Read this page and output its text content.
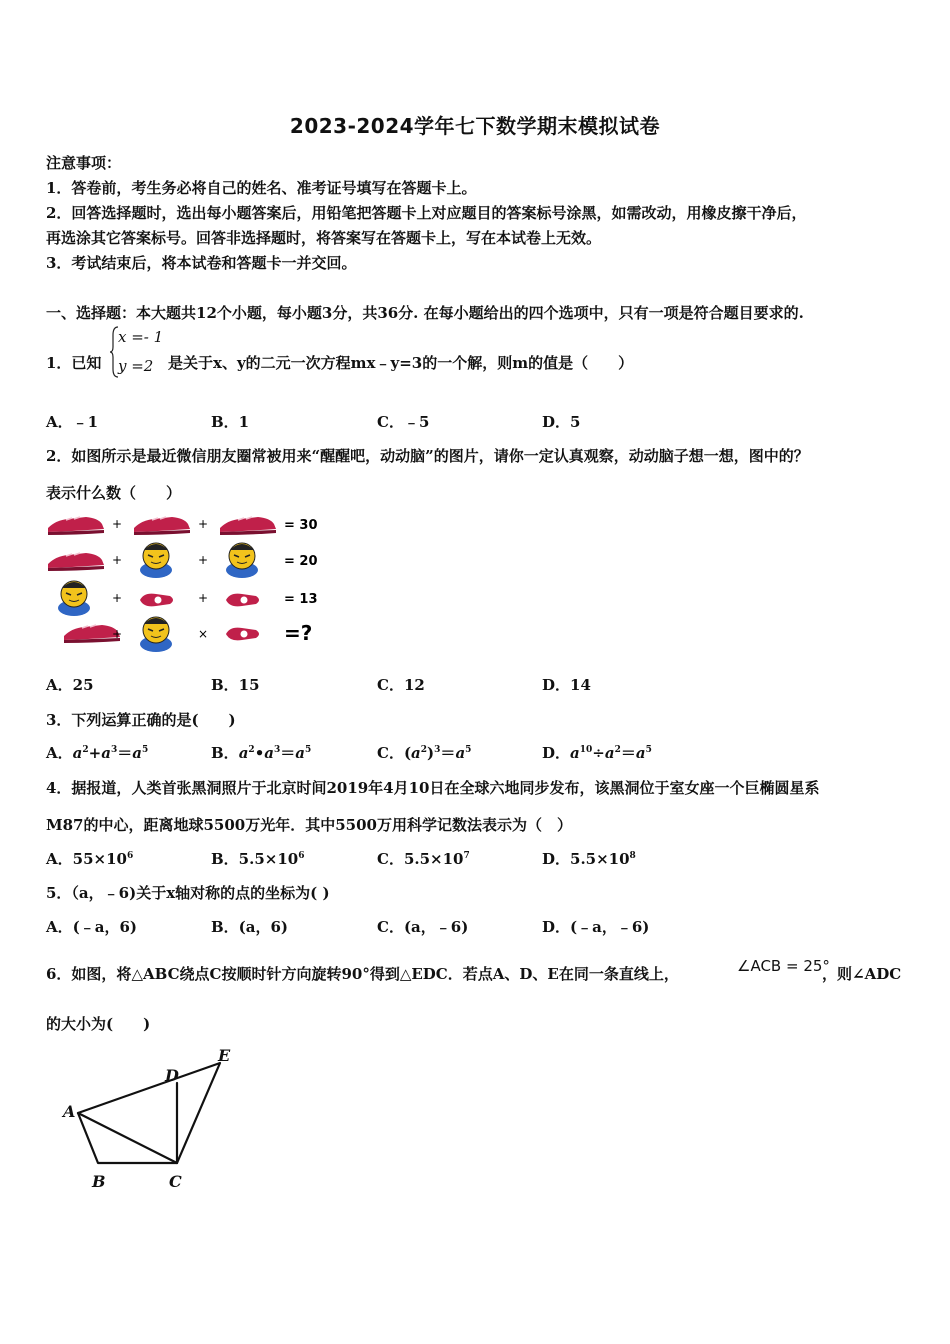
2023-2024学年七下数学期末模拟试卷
注意事项：
1．答卷前，考生务必将自己的姓名、准考证号填写在答题卡上。
2．回答选择题时，选出每小题答案后，用铅笔把答题卡上对应题目的答案标号涂黑，如需改动，用橡皮擦干净后，
再选涂其它答案标号。回答非选择题时，将答案写在答题卡上，写在本试卷上无效。
3．考试结束后，将本试卷和答题卡一并交回。
一、选择题：本大题共12个小题，每小题3分，共36分. 在每小题给出的四个选项中，只有一项是符合题目要求的.
1．已知
x =- 1
y =2 是关于x、y的二元一次方程mx﹣y=3的一个解，则m的值是（　　）
A．﹣1	B．1	C．﹣5	D．5
2．如图所示是最近微信朋友圈常被用来“醒醒吧，动动脑”的图片，请你一定认真观察，动动脑子想一想，图中的？
表示什么数（　　）
+	+	= 30
+	+	= 20
+	+	= 13
+	×	=?
A．25	B．15	C．12	D．14
3．下列运算正确的是(　　)
A．$a^2+a^3=a^5$	B．$a^2•a^3=a^5$	C．$(a^2)^3=a^5$	D．$a^{10}\div a^2=a^5$
4．据报道，人类首张黑洞照片于北京时间2019年4月10日在全球六地同步发布，该黑洞位于室女座一个巨椭圆星系
M87的中心，距离地球5500万光年．其中5500万用科学记数法表示为（　）
A．$55\times 10^6$	B．$5.5\times 10^6$	C．$5.5\times 10^7$	D．$5.5\times 10^8$
5．（a，﹣6)关于x轴对称的点的坐标为( )
A．(﹣a，6)	B．(a，6)	C．(a，﹣6)	D．(﹣a，﹣6)
6．如图，将△ABC绕点C按顺时针方向旋转90°得到△EDC．若点A、D、E在同一条直线上，	∠ACB = 25°
，则∠ADC
的大小为(　　)
A
B	C
D
E
